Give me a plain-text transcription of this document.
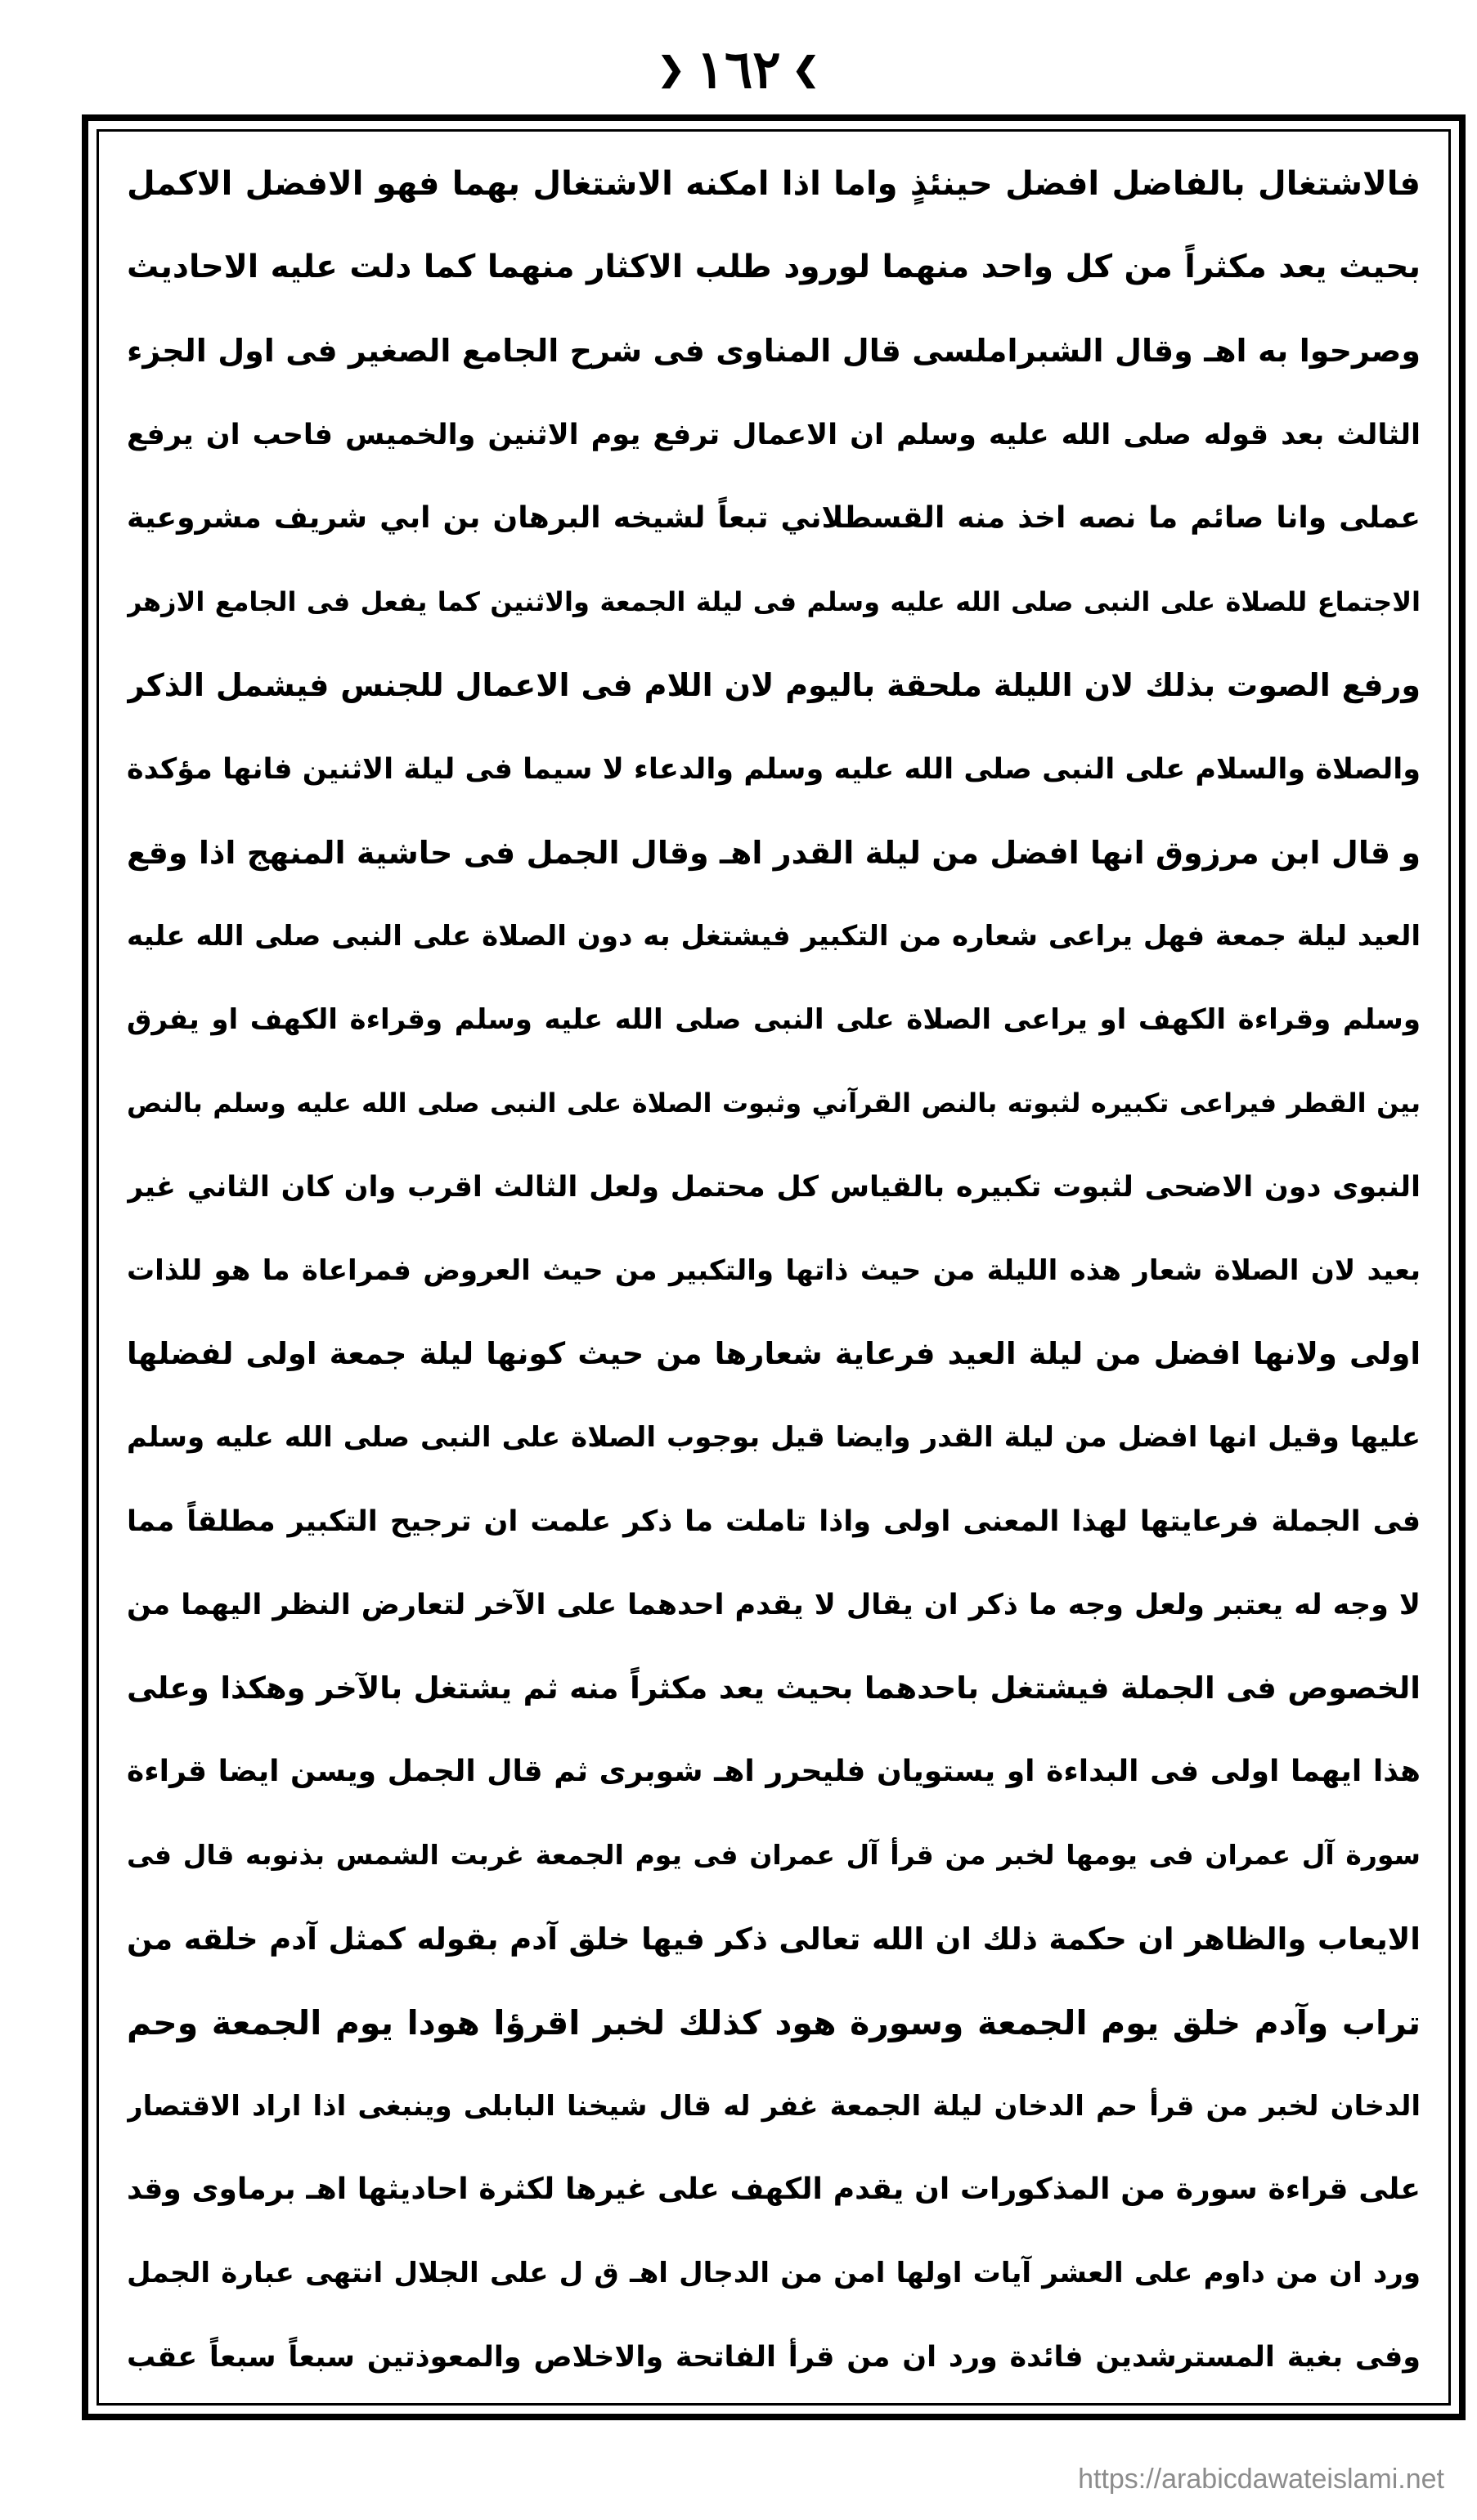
❯
١٦٢
❮
فالاشتغال بالفاضل افضل حينئذٍ واما اذا امكنه الاشتغال بهما فهو الافضل الاكمل
بحيث يعد مكثراً من كل واحد منهما لورود طلب الاكثار منهما كما دلت عليه الاحاديث
وصرحوا به اهـ وقال الشبراملسى قال المناوى فى شرح الجامع الصغير فى اول الجزء
الثالث بعد قوله صلى الله عليه وسلم ان الاعمال ترفع يوم الاثنين والخميس فاحب ان يرفع
عملى وانا صائم ما نصه اخذ منه القسطلاني تبعاً لشيخه البرهان بن ابي شريف مشروعية
الاجتماع للصلاة على النبى صلى الله عليه وسلم فى ليلة الجمعة والاثنين كما يفعل فى الجامع الازهر
ورفع الصوت بذلك لان الليلة ملحقة باليوم لان اللام فى الاعمال للجنس فيشمل الذكر
والصلاة والسلام على النبى صلى الله عليه وسلم والدعاء لا سيما فى ليلة الاثنين فانها مؤكدة
و قال ابن مرزوق انها افضل من ليلة القدر اهـ وقال الجمل فى حاشية المنهج اذا وقع
العيد ليلة جمعة فهل يراعى شعاره من التكبير فيشتغل به دون الصلاة على النبى صلى الله عليه
وسلم وقراءة الكهف او يراعى الصلاة على النبى صلى الله عليه وسلم وقراءة الكهف او يفرق
بين القطر فيراعى تكبيره لثبوته بالنص القرآني وثبوت الصلاة على النبى صلى الله عليه وسلم بالنص
النبوى دون الاضحى لثبوت تكبيره بالقياس كل محتمل ولعل الثالث اقرب وان كان الثاني غير
بعيد لان الصلاة شعار هذه الليلة من حيث ذاتها والتكبير من حيث العروض فمراعاة ما هو للذات
اولى ولانها افضل من ليلة العيد فرعاية شعارها من حيث كونها ليلة جمعة اولى لفضلها
عليها وقيل انها افضل من ليلة القدر وايضا قيل بوجوب الصلاة على النبى صلى الله عليه وسلم
فى الجملة فرعايتها لهذا المعنى اولى واذا تاملت ما ذكر علمت ان ترجيح التكبير مطلقاً مما
لا وجه له يعتبر ولعل وجه ما ذكر ان يقال لا يقدم احدهما على الآخر لتعارض النظر اليهما من
الخصوص فى الجملة فيشتغل باحدهما بحيث يعد مكثراً منه ثم يشتغل بالآخر وهكذا وعلى
هذا ايهما اولى فى البداءة او يستويان فليحرر اهـ شوبرى ثم قال الجمل ويسن ايضا قراءة
سورة آل عمران فى يومها لخبر من قرأ آل عمران فى يوم الجمعة غربت الشمس بذنوبه قال فى
الايعاب والظاهر ان حكمة ذلك ان الله تعالى ذكر فيها خلق آدم بقوله كمثل آدم خلقه من
تراب وآدم خلق يوم الجمعة وسورة هود كذلك لخبر اقرؤا هودا يوم الجمعة وحم
الدخان لخبر من قرأ حم الدخان ليلة الجمعة غفر له قال شيخنا البابلى وينبغى اذا اراد الاقتصار
على قراءة سورة من المذكورات ان يقدم الكهف على غيرها لكثرة احاديثها اهـ برماوى وقد
ورد ان من داوم على العشر آيات اولها امن من الدجال اهـ ق ل على الجلال انتهى عبارة الجمل
وفى بغية المسترشدين فائدة ورد ان من قرأ الفاتحة والاخلاص والمعوذتين سبعاً سبعاً عقب
https://arabicdawateislami.net
